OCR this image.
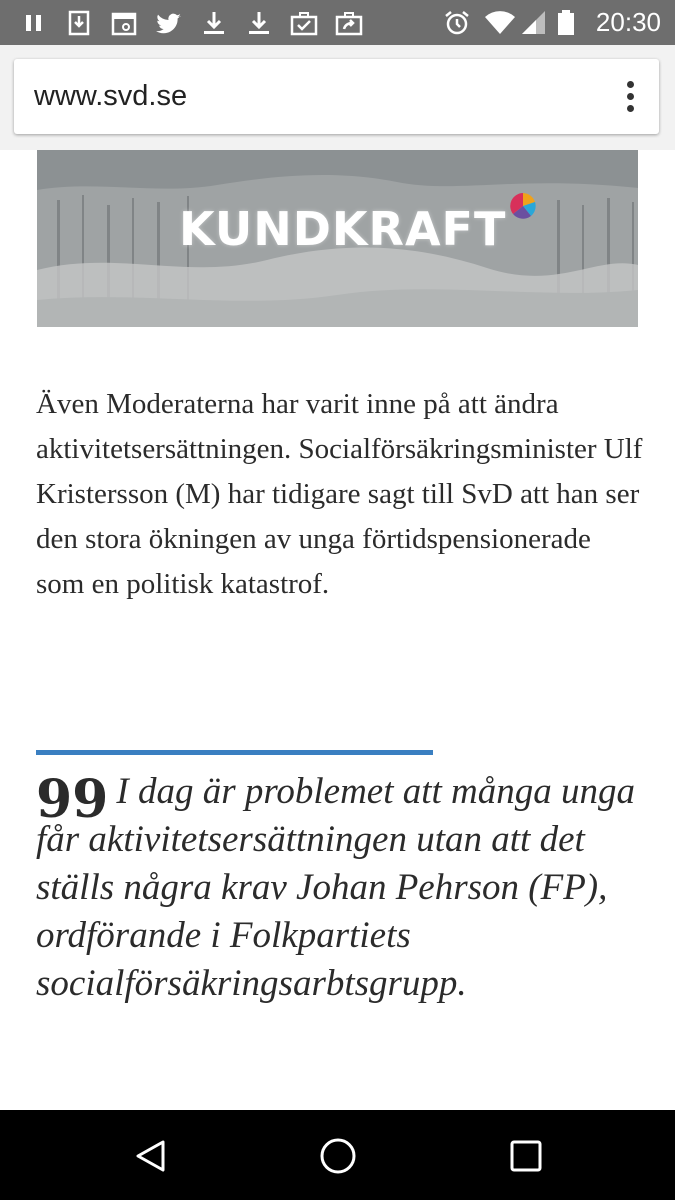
20:30
www.svd.se
KUNDKRAFT

Även Moderaterna har varit inne på att ändra aktivitetsersättningen. Socialförsäkringsminister Ulf Kristersson (M) har tidigare sagt till SvD att han ser den stora ökningen av unga förtidspensionerade som en politisk katastrof.

99 I dag är problemet att många unga får aktivitetsersättningen utan att det ställs några krav Johan Pehrson (FP), ordförande i Folkpartiets socialförsäkringsarbtsgrupp.
